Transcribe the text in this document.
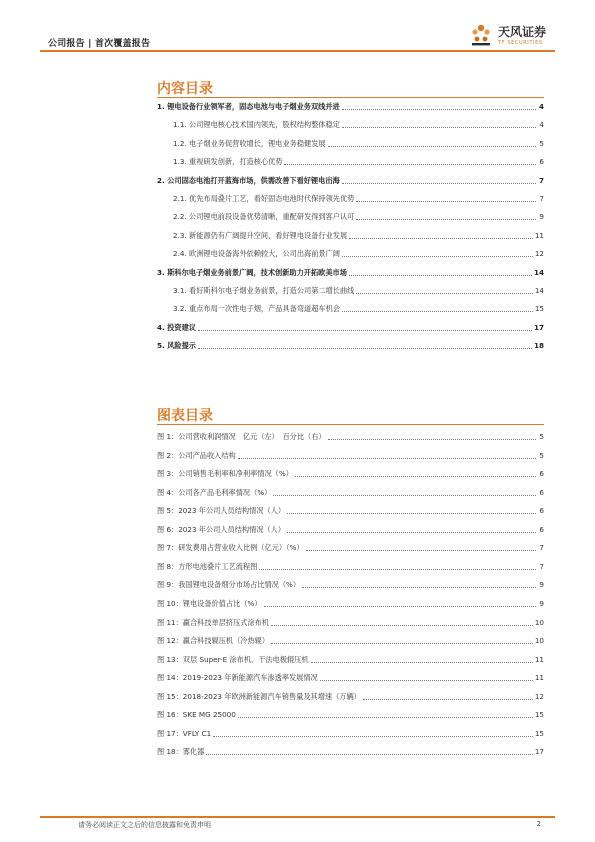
公司报告 | 首次覆盖报告
天风证券
TF SECURITIES
内容目录
1. 锂电设备行业领军者，固态电池与电子烟业务双线并进	4
1.1. 公司锂电核心技术国内领先，股权结构整体稳定	4
1.2. 电子烟业务促营收增长，锂电业务稳健发展	5
1.3. 重视研发创新，打造核心优势	6
2. 公司固态电池打开蓝海市场，供需改善下看好锂电出海	7
2.1. 优先布局叠片工艺，看好固态电池时代保持领先优势	7
2.2. 公司锂电前段设备优势清晰，重配研发得到客户认可	9
2.3. 新能源仍有广阔提升空间，看好锂电设备行业发展	11
2.4. 欧洲锂电设备海外依赖较大，公司出海前景广阔	12
3. 斯科尔电子烟业务前景广阔，技术创新助力开拓欧美市场	14
3.1. 看好斯科尔电子烟业务前景，打造公司第二增长曲线	14
3.2. 重点布局一次性电子烟，产品具备弯道超车机会	15
4. 投资建议	17
5. 风险提示	18
图表目录
图 1：公司营收利润情况　亿元（左）　百分比（右）	5
图 2：公司产品收入结构	5
图 3：公司销售毛利率和净利率情况（%）	6
图 4：公司各产品毛利率情况（%）	6
图 5：2023 年公司人员结构情况（人）	6
图 6：2023 年公司人员结构情况（人）	6
图 7：研发费用占营业收入比例（亿元）（%）	7
图 8：方形电池叠片工艺流程图	7
图 9：我国锂电设备细分市场占比情况（%）	9
图 10：锂电设备价值占比（%）	9
图 11：赢合科技单层挤压式涂布机	10
图 12：赢合科技辊压机（冷热辊）	10
图 13：双层 Super-E 涂布机、干法电极辊压机	11
图 14：2019-2023 年新能源汽车渗透率发展情况	11
图 15：2018-2023 年欧洲新能源汽车销售量及其增速（万辆）	12
图 16：SKE MG 25000	15
图 17：VFLY C1	15
图 18：雾化器	17
请务必阅读正文之后的信息披露和免责申明	2
